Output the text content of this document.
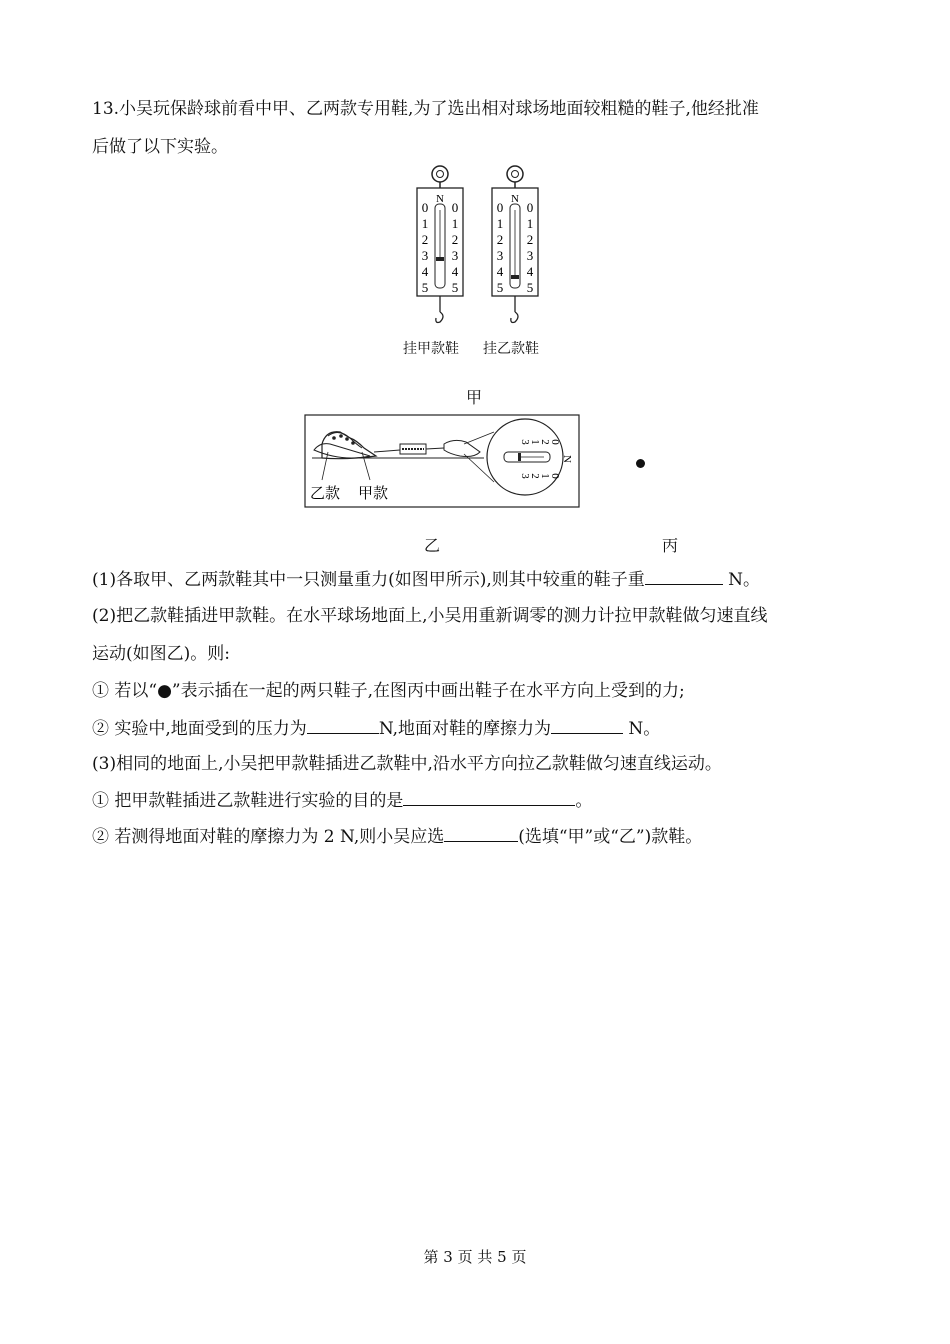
13.小吴玩保龄球前看中甲、乙两款专用鞋,为了选出相对球场地面较粗糙的鞋子,他经批准
后做了以下实验。
N	N
0
1
2
3
4
5
0
1
2
3
4
5
0
1
2
3
4
5
0
1
2
3
4
5
挂甲款鞋 挂乙款鞋
甲
3 2
1 0
3
2
1
0
N
乙款 甲款
乙	丙
(1)各取甲、乙两款鞋其中一只测量重力(如图甲所示),则其中较重的鞋子重	N。
(2)把乙款鞋插进甲款鞋。在水平球场地面上,小吴用重新调零的测力计拉甲款鞋做匀速直线
运动(如图乙)。则:
① 若以“●”表示插在一起的两只鞋子,在图丙中画出鞋子在水平方向上受到的力;
② 实验中,地面受到的压力为	N,地面对鞋的摩擦力为	N。
(3)相同的地面上,小吴把甲款鞋插进乙款鞋中,沿水平方向拉乙款鞋做匀速直线运动。
① 把甲款鞋插进乙款鞋进行实验的目的是	。
② 若测得地面对鞋的摩擦力为 2 N,则小吴应选	(选填“甲”或“乙”)款鞋。
第 3 页 共 5 页
